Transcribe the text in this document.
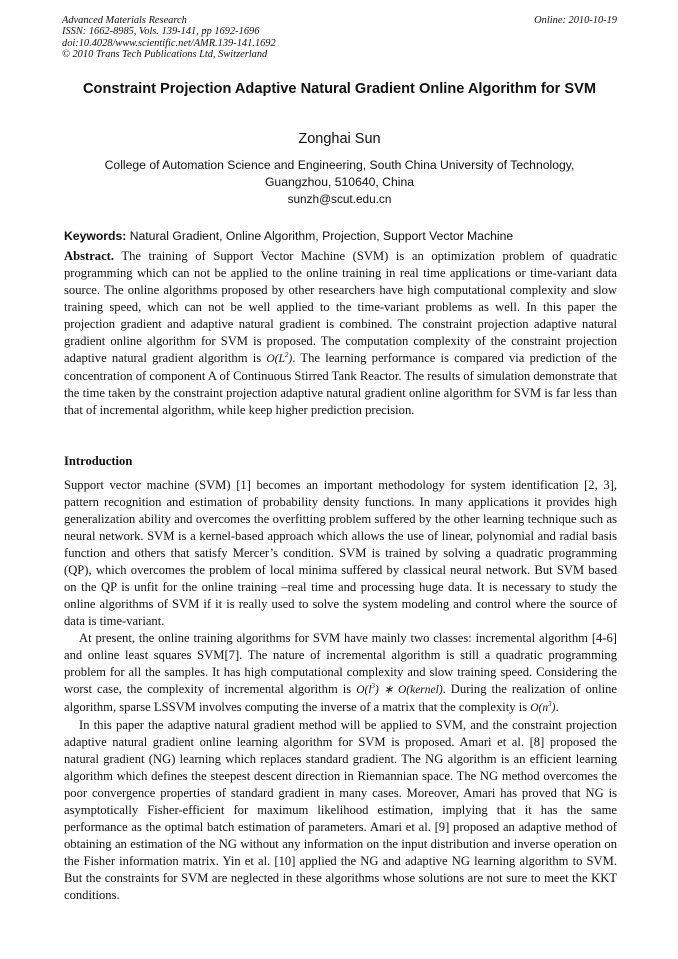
Advanced Materials Research
ISSN: 1662-8985, Vols. 139-141, pp 1692-1696
doi:10.4028/www.scientific.net/AMR.139-141.1692
© 2010 Trans Tech Publications Ltd, Switzerland
Online: 2010-10-19
Constraint Projection Adaptive Natural Gradient Online Algorithm for SVM
Zonghai Sun
College of Automation Science and Engineering, South China University of Technology,
Guangzhou, 510640, China
sunzh@scut.edu.cn
Keywords: Natural Gradient, Online Algorithm, Projection, Support Vector Machine
Abstract. The training of Support Vector Machine (SVM) is an optimization problem of quadratic programming which can not be applied to the online training in real time applications or time-variant data source. The online algorithms proposed by other researchers have high computational complexity and slow training speed, which can not be well applied to the time-variant problems as well. In this paper the projection gradient and adaptive natural gradient is combined. The constraint projection adaptive natural gradient online algorithm for SVM is proposed. The computation complexity of the constraint projection adaptive natural gradient algorithm is $O(L^2)$. The learning performance is compared via prediction of the concentration of component A of Continuous Stirred Tank Reactor. The results of simulation demonstrate that the time taken by the constraint projection adaptive natural gradient online algorithm for SVM is far less than that of incremental algorithm, while keep higher prediction precision.
Introduction

Support vector machine (SVM) [1] becomes an important methodology for system identification [2, 3], pattern recognition and estimation of probability density functions. In many applications it provides high generalization ability and overcomes the overfitting problem suffered by the other learning technique such as neural network. SVM is a kernel-based approach which allows the use of linear, polynomial and radial basis function and others that satisfy Mercer’s condition. SVM is trained by solving a quadratic programming (QP), which overcomes the problem of local minima suffered by classical neural network. But SVM based on the QP is unfit for the online training –real time and processing huge data. It is necessary to study the online algorithms of SVM if it is really used to solve the system modeling and control where the source of data is time-variant.

At present, the online training algorithms for SVM have mainly two classes: incremental algorithm [4-6] and online least squares SVM[7]. The nature of incremental algorithm is still a quadratic programming problem for all the samples. It has high computational complexity and slow training speed. Considering the worst case, the complexity of incremental algorithm is $O(l^3)$ ∗ O(kernel). During the realization of online algorithm, sparse LSSVM involves computing the inverse of a matrix that the complexity is $O(n^3)$.

In this paper the adaptive natural gradient method will be applied to SVM, and the constraint projection adaptive natural gradient online learning algorithm for SVM is proposed. Amari et al. [8] proposed the natural gradient (NG) learning which replaces standard gradient. The NG algorithm is an efficient learning algorithm which defines the steepest descent direction in Riemannian space. The NG method overcomes the poor convergence properties of standard gradient in many cases. Moreover, Amari has proved that NG is asymptotically Fisher-efficient for maximum likelihood estimation, implying that it has the same performance as the optimal batch estimation of parameters. Amari et al. [9] proposed an adaptive method of obtaining an estimation of the NG without any information on the input distribution and inverse operation on the Fisher information matrix. Yin et al. [10] applied the NG and adaptive NG learning algorithm to SVM. But the constraints for SVM are neglected in these algorithms whose solutions are not sure to meet the KKT conditions.
